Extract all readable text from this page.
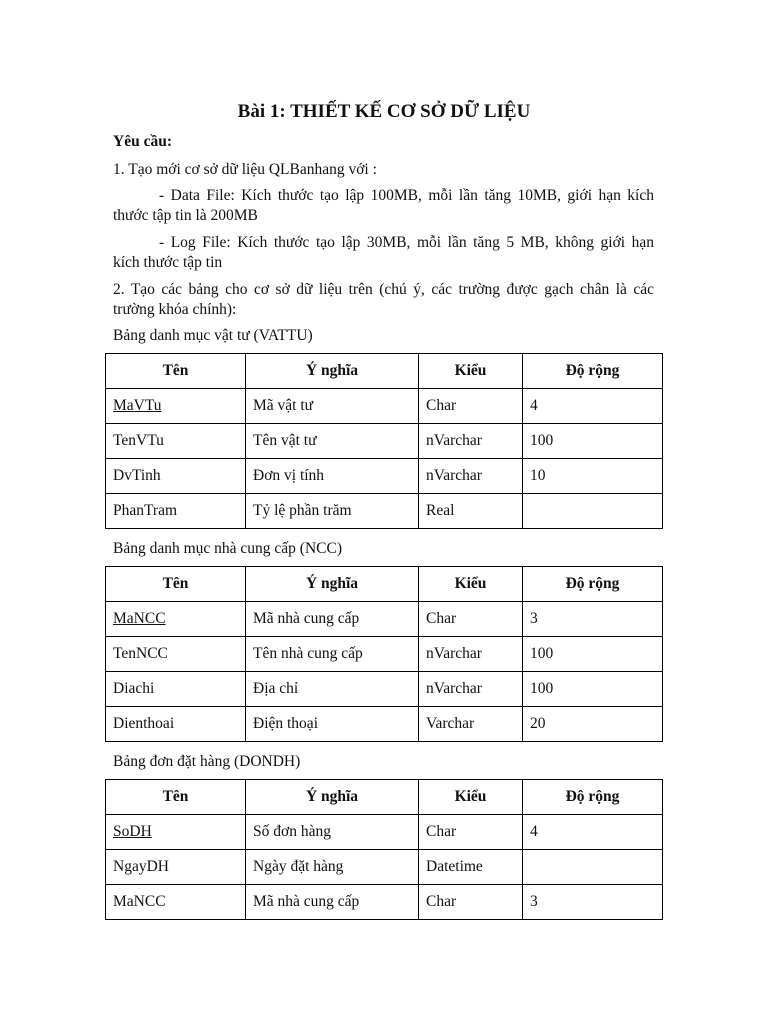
Bài 1: THIẾT KẾ CƠ SỞ DỮ LIỆU
Yêu cầu:
1. Tạo mới cơ sở dữ liệu QLBanhang với :
- Data File: Kích thước tạo lập 100MB, mỗi lần tăng 10MB, giới hạn kích
thước tập tin là 200MB
- Log File: Kích thước tạo lập 30MB, mỗi lần tăng 5 MB, không giới hạn
kích thước tập tin
2. Tạo các bảng cho cơ sở dữ liệu trên (chú ý, các trường được gạch chân là các
trường khóa chính):
Bảng danh mục vật tư (VATTU)
Tên	Ý nghĩa	Kiểu	Độ rộng
MaVTu	Mã vật tư	Char	4
TenVTu	Tên vật tư	nVarchar	100
DvTinh	Đơn vị tính	nVarchar	10
PhanTram	Tỷ lệ phần trăm	Real	
Bảng danh mục nhà cung cấp (NCC)
Tên	Ý nghĩa	Kiểu	Độ rộng
MaNCC	Mã nhà cung cấp	Char	3
TenNCC	Tên nhà cung cấp	nVarchar	100
Diachi	Địa chỉ	nVarchar	100
Dienthoai	Điện thoại	Varchar	20
Bảng đơn đặt hàng (DONDH)
Tên	Ý nghĩa	Kiểu	Độ rộng
SoDH	Số đơn hàng	Char	4
NgayDH	Ngày đặt hàng	Datetime	
MaNCC	Mã nhà cung cấp	Char	3
